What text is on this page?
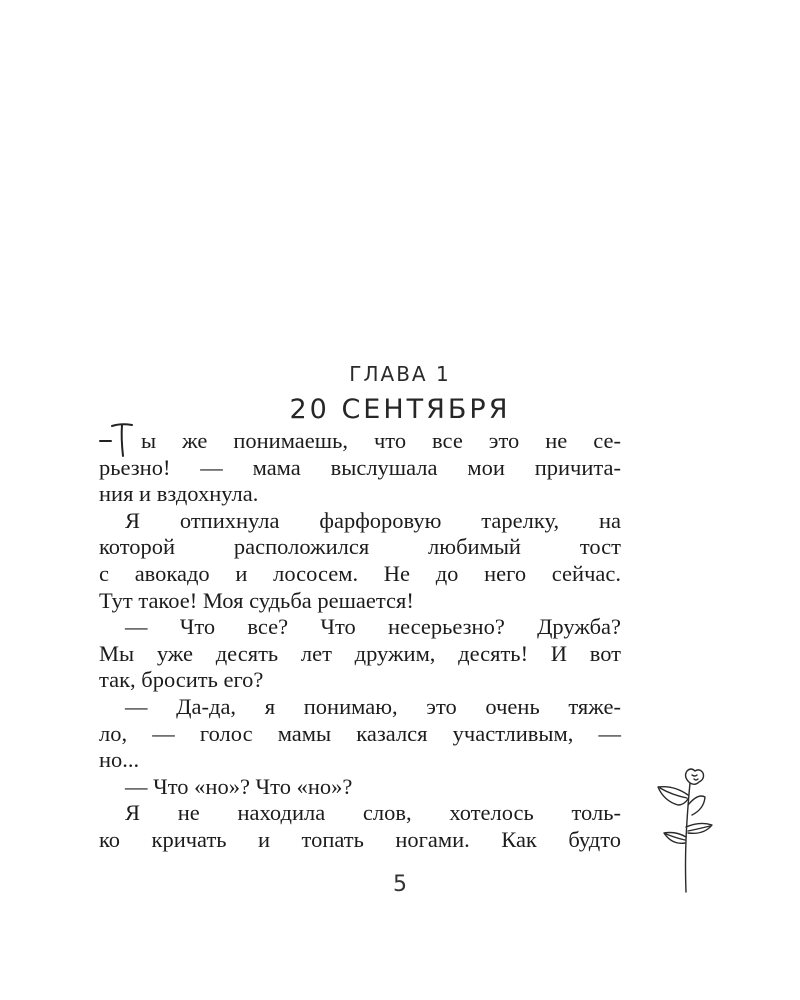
ГЛАВА 1
20 СЕНТЯБРЯ
ы же понимаешь, что все это не се-
рьезно! — мама выслушала мои причита-
ния и вздохнула.
Я отпихнула фарфоровую тарелку, на
которой расположился любимый тост
с авокадо и лососем. Не до него сейчас.
Тут такое! Моя судьба решается!
— Что все? Что несерьезно? Дружба?
Мы уже десять лет дружим, десять! И вот
так, бросить его?
— Да-да, я понимаю, это очень тяже-
ло, — голос мамы казался участливым, —
но...
— Что «но»? Что «но»?
Я не находила слов, хотелось толь-
ко кричать и топать ногами. Как будто
5
